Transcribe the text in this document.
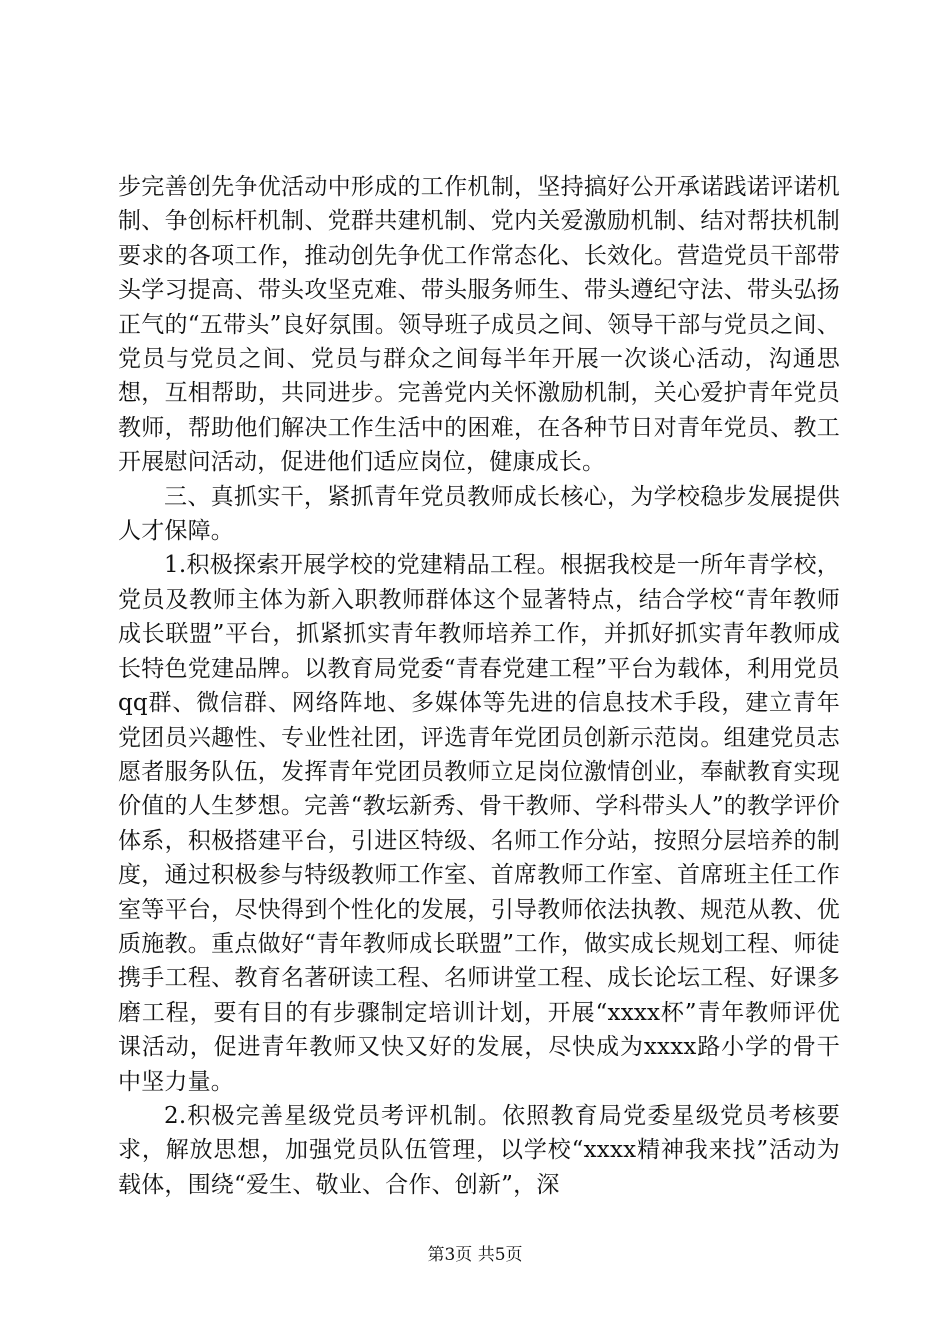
步完善创先争优活动中形成的工作机制，坚持搞好公开承诺践诺评诺机制、争创标杆机制、党群共建机制、党内关爱激励机制、结对帮扶机制要求的各项工作，推动创先争优工作常态化、长效化。营造党员干部带头学习提高、带头攻坚克难、带头服务师生、带头遵纪守法、带头弘扬正气的“五带头”良好氛围。领导班子成员之间、领导干部与党员之间、党员与党员之间、党员与群众之间每半年开展一次谈心活动，沟通思想，互相帮助，共同进步。完善党内关怀激励机制，关心爱护青年党员教师，帮助他们解决工作生活中的困难，在各种节日对青年党员、教工开展慰问活动，促进他们适应岗位，健康成长。

三、真抓实干，紧抓青年党员教师成长核心，为学校稳步发展提供人才保障。

1.积极探索开展学校的党建精品工程。根据我校是一所年青学校，党员及教师主体为新入职教师群体这个显著特点，结合学校“青年教师成长联盟”平台，抓紧抓实青年教师培养工作，并抓好抓实青年教师成长特色党建品牌。以教育局党委“青春党建工程”平台为载体，利用党员qq群、微信群、网络阵地、多媒体等先进的信息技术手段，建立青年党团员兴趣性、专业性社团，评选青年党团员创新示范岗。组建党员志愿者服务队伍，发挥青年党团员教师立足岗位激情创业，奉献教育实现价值的人生梦想。完善“教坛新秀、骨干教师、学科带头人”的教学评价体系，积极搭建平台，引进区特级、名师工作分站，按照分层培养的制度，通过积极参与特级教师工作室、首席教师工作室、首席班主任工作室等平台，尽快得到个性化的发展，引导教师依法执教、规范从教、优质施教。重点做好“青年教师成长联盟”工作，做实成长规划工程、师徒携手工程、教育名著研读工程、名师讲堂工程、成长论坛工程、好课多磨工程，要有目的有步骤制定培训计划，开展“xxxx杯”青年教师评优课活动，促进青年教师又快又好的发展，尽快成为xxxx路小学的骨干中坚力量。

2.积极完善星级党员考评机制。依照教育局党委星级党员考核要求，解放思想，加强党员队伍管理，以学校“xxxx精神我来找”活动为载体，围绕“爱生、敬业、合作、创新”，深

第3页 共5页
